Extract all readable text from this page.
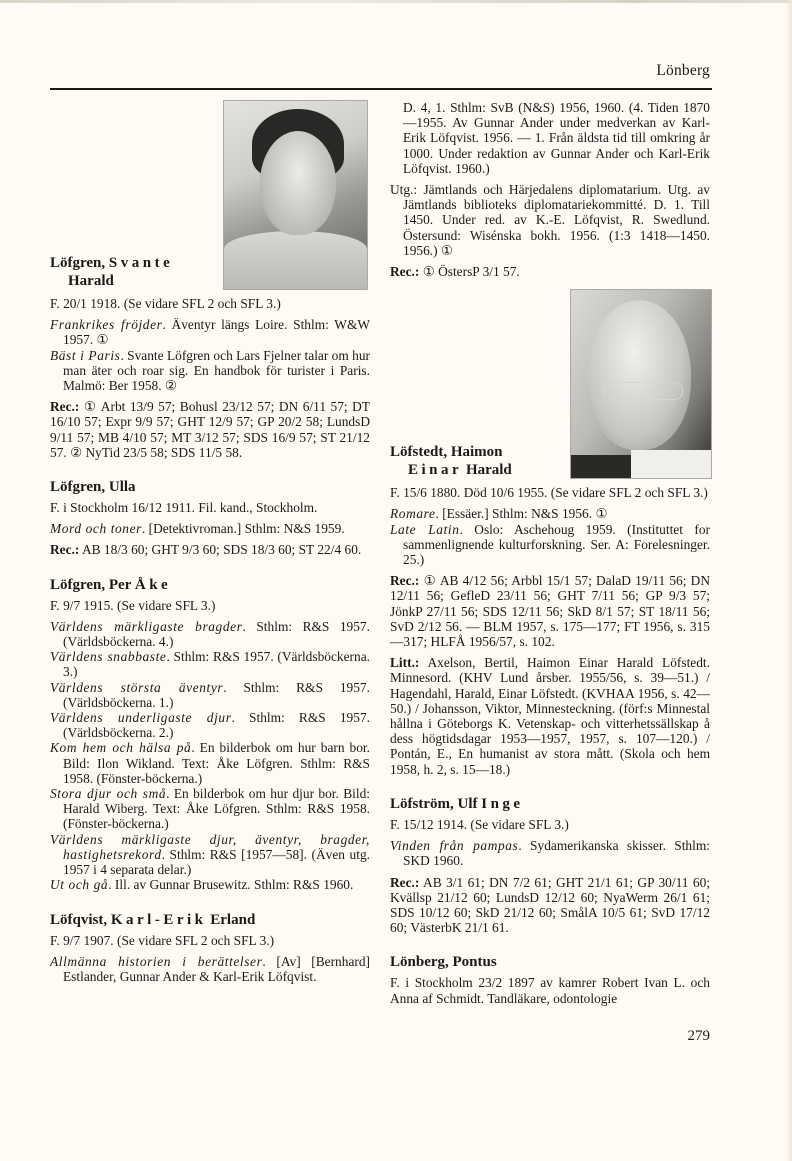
Lönberg
Löfgren, Svante
Harald

F. 20/1 1918. (Se vidare SFL 2 och SFL 3.)

Frankrikes fröjder. Äventyr längs Loire. Sthlm: W&W 1957. ①

Bäst i Paris. Svante Löfgren och Lars Fjelner talar om hur man äter och roar sig. En handbok för turister i Paris. Malmö: Ber 1958. ②

Rec.: ① Arbt 13/9 57; Bohusl 23/12 57; DN 6/11 57; DT 16/10 57; Expr 9/9 57; GHT 12/9 57; GP 20/2 58; LundsD 9/11 57; MB 4/10 57; MT 3/12 57; SDS 16/9 57; ST 21/12 57. ② NyTid 23/5 58; SDS 11/5 58.

Löfgren, Ulla

F. i Stockholm 16/12 1911. Fil. kand., Stockholm.

Mord och toner. [Detektivroman.] Sthlm: N&S 1959.

Rec.: AB 18/3 60; GHT 9/3 60; SDS 18/3 60; ST 22/4 60.

Löfgren, Per Åke

F. 9/7 1915. (Se vidare SFL 3.)

Världens märkligaste bragder. Sthlm: R&S 1957. (Världsböckerna. 4.)

Världens snabbaste. Sthlm: R&S 1957. (Världsböckerna. 3.)

Världens största äventyr. Sthlm: R&S 1957. (Världsböckerna. 1.)

Världens underligaste djur. Sthlm: R&S 1957. (Världsböckerna. 2.)

Kom hem och hälsa på. En bilderbok om hur barn bor. Bild: Ilon Wikland. Text: Åke Löfgren. Sthlm: R&S 1958. (Fönster-böckerna.)

Stora djur och små. En bilderbok om hur djur bor. Bild: Harald Wiberg. Text: Åke Löfgren. Sthlm: R&S 1958. (Fönster-böckerna.)

Världens märkligaste djur, äventyr, bragder, hastighetsrekord. Sthlm: R&S [1957—58]. (Även utg. 1957 i 4 separata delar.)

Ut och gå. Ill. av Gunnar Brusewitz. Sthlm: R&S 1960.

Löfqvist, Karl-Erik Erland

F. 9/7 1907. (Se vidare SFL 2 och SFL 3.)

Allmänna historien i berättelser. [Av] [Bernhard] Estlander, Gunnar Ander & Karl-Erik Löfqvist.

D. 4, 1. Sthlm: SvB (N&S) 1956, 1960. (4. Tiden 1870—1955. Av Gunnar Ander under medverkan av Karl-Erik Löfqvist. 1956. — 1. Från äldsta tid till omkring år 1000. Under redaktion av Gunnar Ander och Karl-Erik Löfqvist. 1960.)

Utg.: Jämtlands och Härjedalens diplomatarium. Utg. av Jämtlands biblioteks diplomatariekommitté. D. 1. Till 1450. Under red. av K.-E. Löfqvist, R. Swedlund. Östersund: Wisénska bokh. 1956. (1:3 1418—1450. 1956.) ①

Rec.: ① ÖstersP 3/1 57.

Löfstedt, Haimon
Einar Harald

F. 15/6 1880. Död 10/6 1955. (Se vidare SFL 2 och SFL 3.)

Romare. [Essäer.] Sthlm: N&S 1956. ①

Late Latin. Oslo: Aschehoug 1959. (Instituttet for sammenlignende kulturforskning. Ser. A: Forelesninger. 25.)

Rec.: ① AB 4/12 56; Arbbl 15/1 57; DalaD 19/11 56; DN 12/11 56; GefleD 23/11 56; GHT 7/11 56; GP 9/3 57; JönkP 27/11 56; SDS 12/11 56; SkD 8/1 57; ST 18/11 56; SvD 2/12 56. — BLM 1957, s. 175—177; FT 1956, s. 315—317; HLFÅ 1956/57, s. 102.

Litt.: Axelson, Bertil, Haimon Einar Harald Löfstedt. Minnesord. (KHV Lund årsber. 1955/56, s. 39—51.) / Hagendahl, Harald, Einar Löfstedt. (KVHAA 1956, s. 42—50.) / Johansson, Viktor, Minnesteckning. (förf:s Minnestal hållna i Göteborgs K. Vetenskap- och vitterhetssällskap å dess högtidsdagar 1953—1957, 1957, s. 107—120.) / Pontán, E., En humanist av stora mått. (Skola och hem 1958, h. 2, s. 15—18.)

Löfström, Ulf Inge

F. 15/12 1914. (Se vidare SFL 3.)

Vinden från pampas. Sydamerikanska skisser. Sthlm: SKD 1960.

Rec.: AB 3/1 61; DN 7/2 61; GHT 21/1 61; GP 30/11 60; Kvällsp 21/12 60; LundsD 12/12 60; NyaWerm 26/1 61; SDS 10/12 60; SkD 21/12 60; SmålA 10/5 61; SvD 17/12 60; VästerbK 21/1 61.

Lönberg, Pontus

F. i Stockholm 23/2 1897 av kamrer Robert Ivan L. och Anna af Schmidt. Tandläkare, odontologie

279
